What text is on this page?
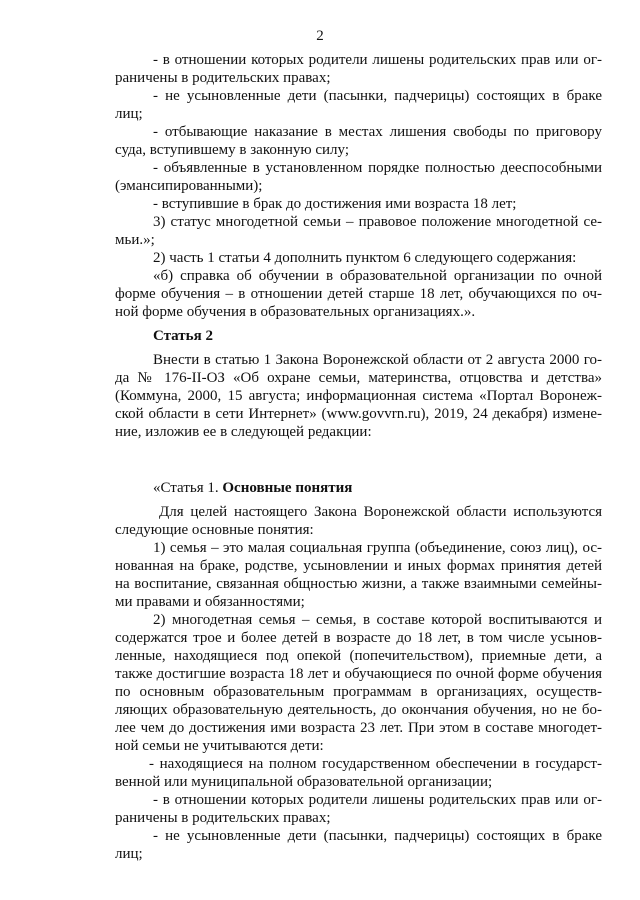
2
- в отношении которых родители лишены родительских прав или ог-
раничены в родительских правах;
- не усыновленные дети (пасынки, падчерицы) состоящих в браке
лиц;
- отбывающие наказание в местах лишения свободы по приговору
суда, вступившему в законную силу;
- объявленные в установленном порядке полностью дееспособными
(эмансипированными);
- вступившие в брак до достижения ими возраста 18 лет;
3) статус многодетной семьи – правовое положение многодетной се-
мьи.»;
2) часть 1 статьи 4 дополнить пунктом 6 следующего содержания:
«б) справка об обучении в образовательной организации по очной
форме обучения – в отношении детей старше 18 лет, обучающихся по оч-
ной форме обучения в образовательных организациях.».
Статья 2
Внести в статью 1 Закона Воронежской области от 2 августа 2000 го-
да № 176-II-ОЗ «Об охране семьи, материнства, отцовства и детства»
(Коммуна, 2000, 15 августа; информационная система «Портал Воронеж-
ской области в сети Интернет» (www.govvrn.ru), 2019, 24 декабря) измене-
ние, изложив ее в следующей редакции:
«Статья 1. Основные понятия
Для целей настоящего Закона Воронежской области используются
следующие основные понятия:
1) семья – это малая социальная группа (объединение, союз лиц), ос-
нованная на браке, родстве, усыновлении и иных формах принятия детей
на воспитание, связанная общностью жизни, а также взаимными семейны-
ми правами и обязанностями;
2) многодетная семья – семья, в составе которой воспитываются и
содержатся трое и более детей в возрасте до 18 лет, в том числе усынов-
ленные, находящиеся под опекой (попечительством), приемные дети, а
также достигшие возраста 18 лет и обучающиеся по очной форме обучения
по основным образовательным программам в организациях, осуществ-
ляющих образовательную деятельность, до окончания обучения, но не бо-
лее чем до достижения ими возраста 23 лет. При этом в составе многодет-
ной семьи не учитываются дети:
- находящиеся на полном государственном обеспечении в государст-
венной или муниципальной образовательной организации;
- в отношении которых родители лишены родительских прав или ог-
раничены в родительских правах;
- не усыновленные дети (пасынки, падчерицы) состоящих в браке
лиц;
